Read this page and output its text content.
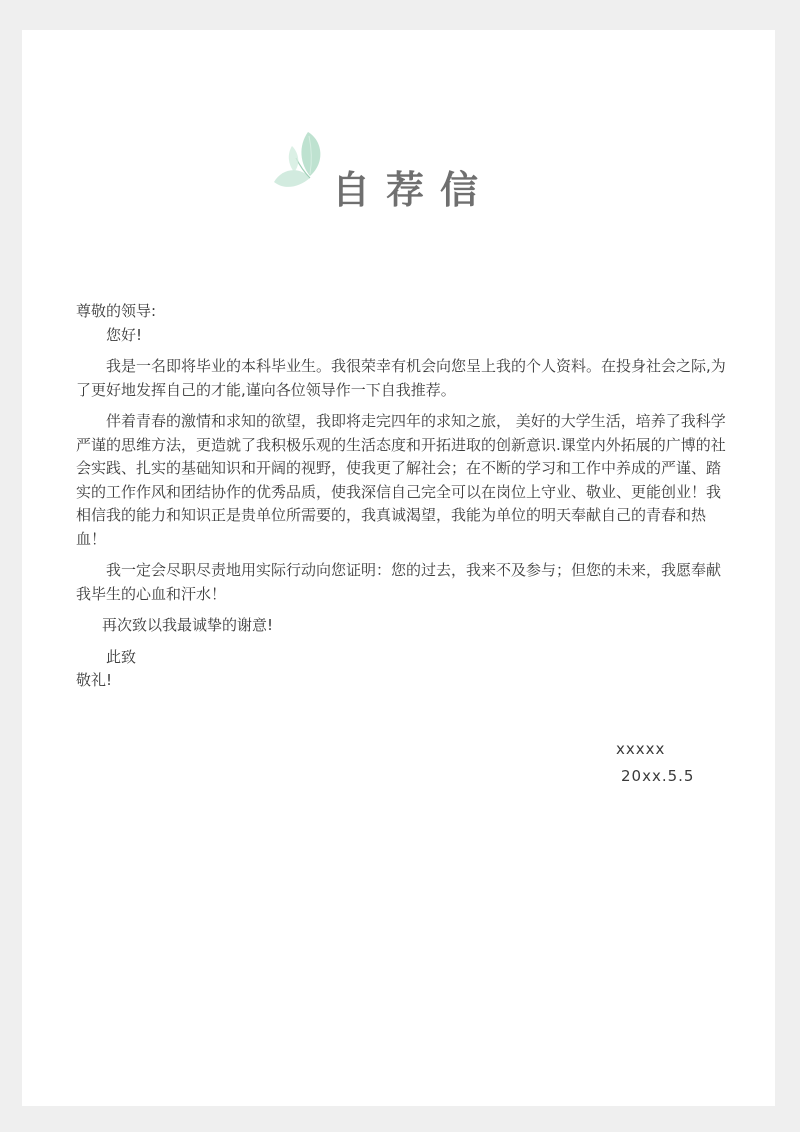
自荐信

尊敬的领导:

您好!

我是一名即将毕业的本科毕业生。我很荣幸有机会向您呈上我的个人资料。在投身社会之际,为了更好地发挥自己的才能,谨向各位领导作一下自我推荐。

伴着青春的激情和求知的欲望，我即将走完四年的求知之旅， 美好的大学生活，培养了我科学严谨的思维方法，更造就了我积极乐观的生活态度和开拓进取的创新意识.课堂内外拓展的广博的社会实践、扎实的基础知识和开阔的视野，使我更了解社会；在不断的学习和工作中养成的严谨、踏实的工作作风和团结协作的优秀品质，使我深信自己完全可以在岗位上守业、敬业、更能创业！我相信我的能力和知识正是贵单位所需要的，我真诚渴望，我能为单位的明天奉献自己的青春和热血！

我一定会尽职尽责地用实际行动向您证明：您的过去，我来不及参与；但您的未来，我愿奉献我毕生的心血和汗水！

再次致以我最诚挚的谢意!

此致

敬礼!

xxxxx
20xx.5.5
